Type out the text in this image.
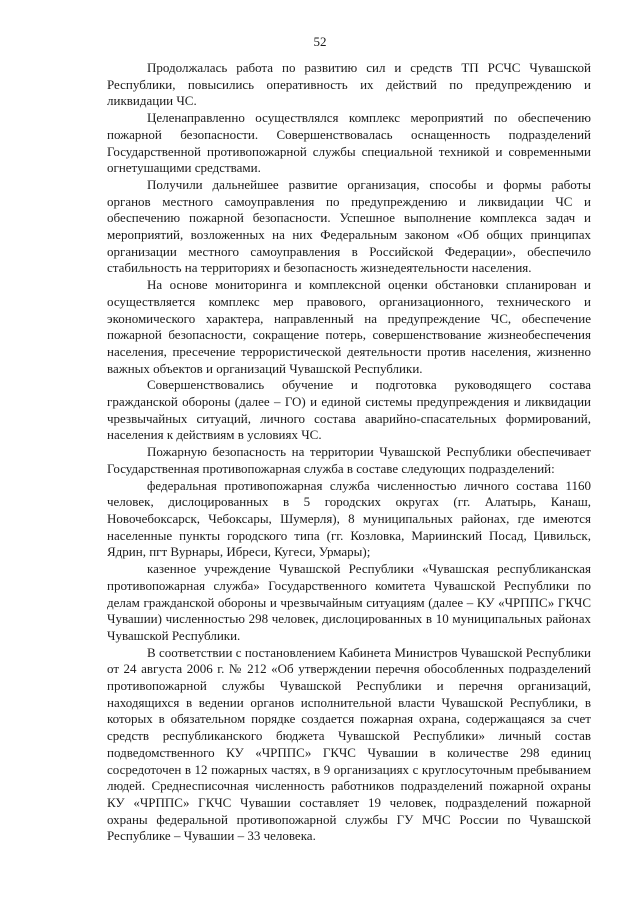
52

Продолжалась работа по развитию сил и средств ТП РСЧС Чувашской Республики, повысились оперативность их действий по предупреждению и ликвидации ЧС.

Целенаправленно осуществлялся комплекс мероприятий по обеспечению пожарной безопасности. Совершенствовалась оснащенность подразделений Государственной противопожарной службы специальной техникой и современными огнетушащими средствами.

Получили дальнейшее развитие организация, способы и формы работы органов местного самоуправления по предупреждению и ликвидации ЧС и обеспечению пожарной безопасности. Успешное выполнение комплекса задач и мероприятий, возложенных на них Федеральным законом «Об общих принципах организации местного самоуправления в Российской Федерации», обеспечило стабильность на территориях и безопасность жизнедеятельности населения.

На основе мониторинга и комплексной оценки обстановки спланирован и осуществляется комплекс мер правового, организационного, технического и экономического характера, направленный на предупреждение ЧС, обеспечение пожарной безопасности, сокращение потерь, совершенствование жизнеобеспечения населения, пресечение террористической деятельности против населения, жизненно важных объектов и организаций Чувашской Республики.

Совершенствовались обучение и подготовка руководящего состава гражданской обороны (далее – ГО) и единой системы предупреждения и ликвидации чрезвычайных ситуаций, личного состава аварийно-спасательных формирований, населения к действиям в условиях ЧС.

Пожарную безопасность на территории Чувашской Республики обеспечивает Государственная противопожарная служба в составе следующих подразделений:

федеральная противопожарная служба численностью личного состава 1160 человек, дислоцированных в 5 городских округах (гг. Алатырь, Канаш, Новочебоксарск, Чебоксары, Шумерля), 8 муниципальных районах, где имеются населенные пункты городского типа (гг. Козловка, Мариинский Посад, Цивильск, Ядрин, пгт Вурнары, Ибреси, Кугеси, Урмары);

казенное учреждение Чувашской Республики «Чувашская республиканская противопожарная служба» Государственного комитета Чувашской Республики по делам гражданской обороны и чрезвычайным ситуациям (далее – КУ «ЧРППС» ГКЧС Чувашии) численностью 298 человек, дислоцированных в 10 муниципальных районах Чувашской Республики.

В соответствии с постановлением Кабинета Министров Чувашской Республики от 24 августа 2006 г. № 212 «Об утверждении перечня обособленных подразделений противопожарной службы Чувашской Республики и перечня организаций, находящихся в ведении органов исполнительной власти Чувашской Республики, в которых в обязательном порядке создается пожарная охрана, содержащаяся за счет средств республиканского бюджета Чувашской Республики» личный состав подведомственного КУ «ЧРППС» ГКЧС Чувашии в количестве 298 единиц сосредоточен в 12 пожарных частях, в 9 организациях с круглосуточным пребыванием людей. Среднесписочная численность работников подразделений пожарной охраны КУ «ЧРППС» ГКЧС Чувашии составляет 19 человек, подразделений пожарной охраны федеральной противопожарной службы ГУ МЧС России по Чувашской Республике – Чувашии – 33 человека.
